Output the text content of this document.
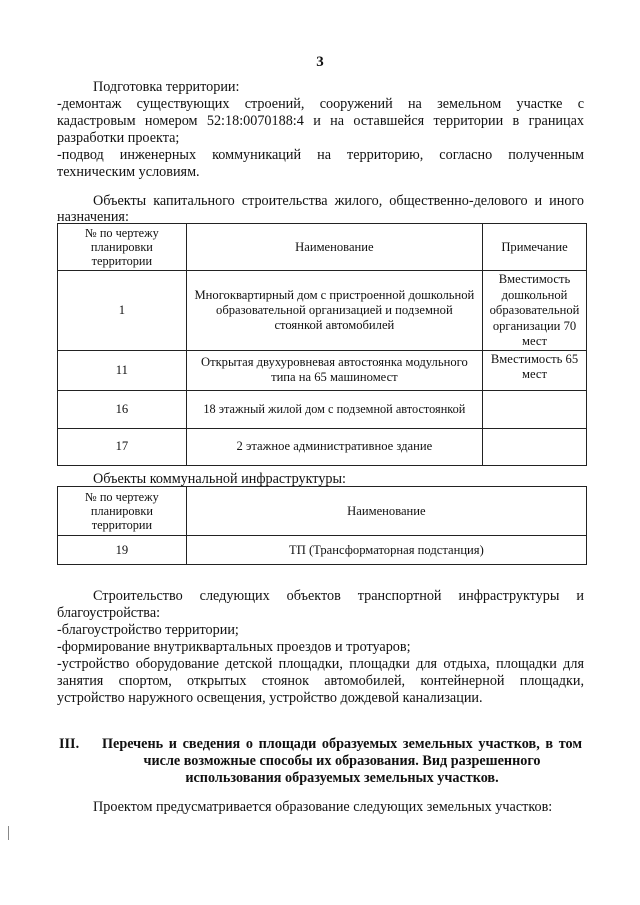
3
Подготовка территории:
-демонтаж существующих строений, сооружений на земельном участке с
кадастровым номером 52:18:0070188:4 и на оставшейся территории в границах
разработки проекта;
-подвод инженерных коммуникаций на территорию, согласно полученным
техническим условиям.
Объекты капитального строительства жилого, общественно-делового и иного
назначения:
№ по чертежу планировки территории	Наименование	Примечание
1	Многоквартирный дом с пристроенной дошкольной образовательной организацией и подземной стоянкой автомобилей	Вместимость дошкольной образовательной организации 70 мест
11	Открытая двухуровневая автостоянка модульного типа на 65 машиномест	Вместимость 65 мест
16	18 этажный жилой дом с подземной автостоянкой	
17	2 этажное административное здание	
Объекты коммунальной инфраструктуры:
№ по чертежу планировки территории	Наименование
19	ТП (Трансформаторная подстанция)
Строительство следующих объектов транспортной инфраструктуры и
благоустройства:
-благоустройство территории;
-формирование внутриквартальных проездов и тротуаров;
-устройство оборудование детской площадки, площадки для отдыха, площадки для
занятия спортом, открытых стоянок автомобилей, контейнерной площадки,
устройство наружного освещения, устройство дождевой канализации.
III. Перечень и сведения о площади образуемых земельных участков, в том
числе возможные способы их образования. Вид разрешенного
использования образуемых земельных участков.
Проектом предусматривается образование следующих земельных участков:
